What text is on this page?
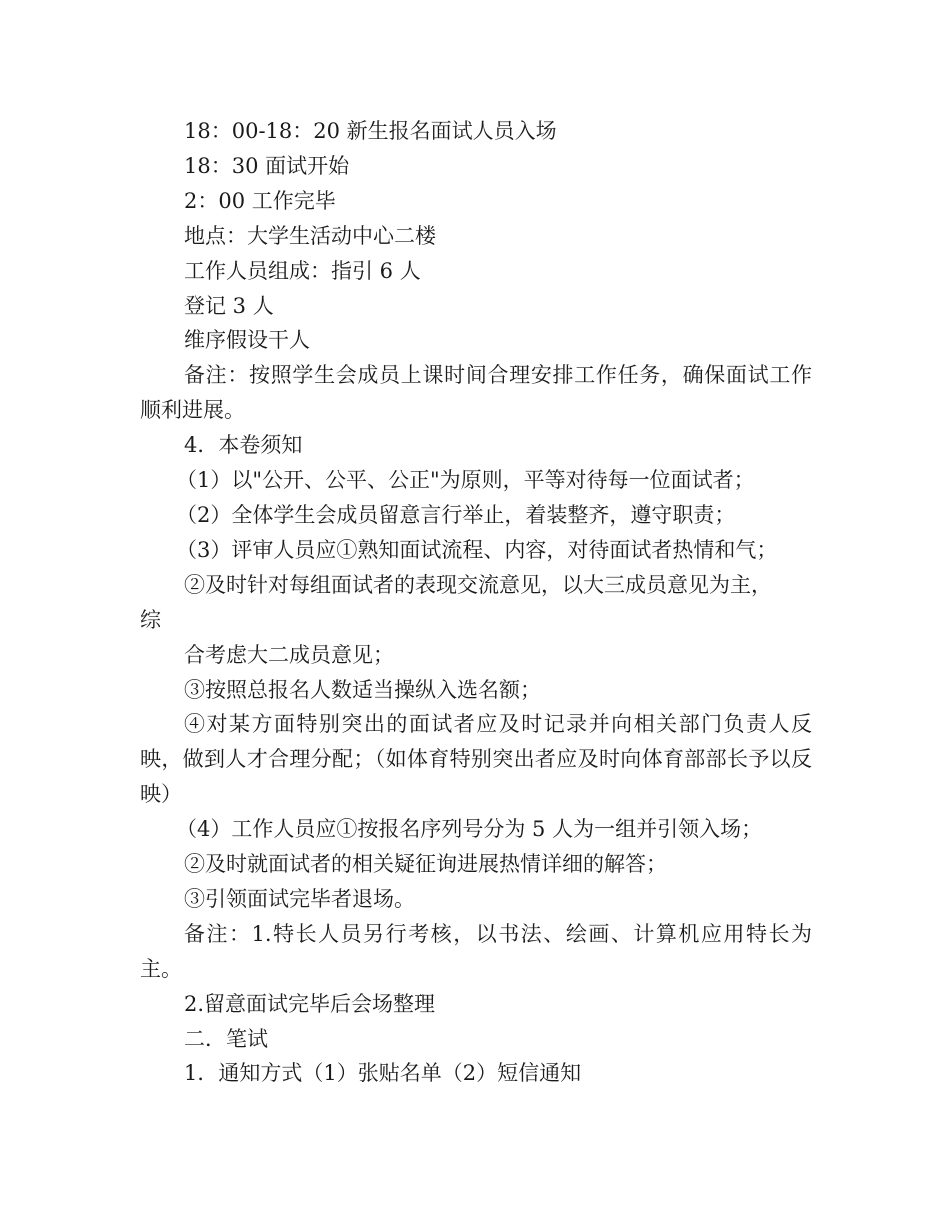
18：00-18：20 新生报名面试人员入场

18：30 面试开始

2：00 工作完毕

地点：大学生活动中心二楼

工作人员组成：指引 6 人

登记 3 人

维序假设干人

备注：按照学生会成员上课时间合理安排工作任务，确保面试工作顺利进展。

4．本卷须知

（1）以"公开、公平、公正"为原则，平等对待每一位面试者；

（2）全体学生会成员留意言行举止，着装整齐，遵守职责；

（3）评审人员应①熟知面试流程、内容，对待面试者热情和气；

②及时针对每组面试者的表现交流意见，以大三成员意见为主，

综

合考虑大二成员意见；

③按照总报名人数适当操纵入选名额；

④对某方面特别突出的面试者应及时记录并向相关部门负责人反映，做到人才合理分配；（如体育特别突出者应及时向体育部部长予以反映）

（4）工作人员应①按报名序列号分为 5 人为一组并引领入场；

②及时就面试者的相关疑征询进展热情详细的解答；

③引领面试完毕者退场。

备注：1.特长人员另行考核，以书法、绘画、计算机应用特长为主。

2.留意面试完毕后会场整理

二．笔试

1．通知方式（1）张贴名单（2）短信通知
